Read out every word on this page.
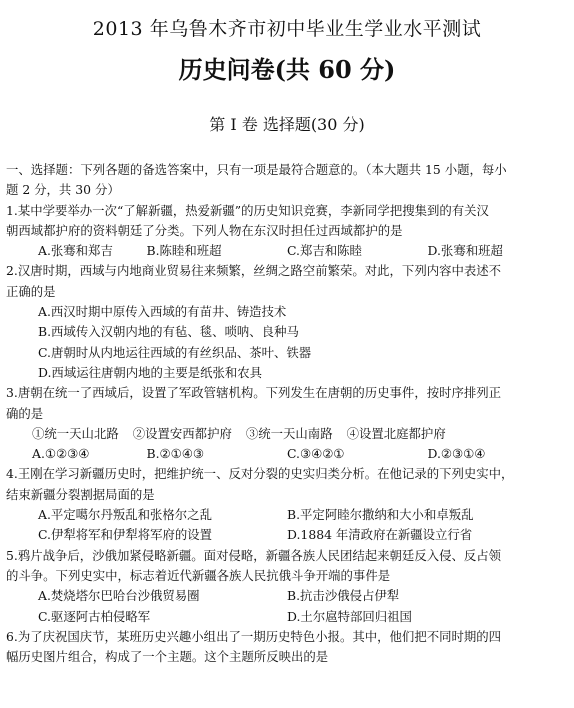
2013 年乌鲁木齐市初中毕业生学业水平测试
历史问卷(共 60 分)
第 I 卷 选择题(30 分)
一、选择题：下列各题的备选答案中，只有一项是最符合题意的。（本大题共 15 小题，每小
题 2 分，共 30 分）
1.某中学要举办一次“了解新疆，热爱新疆”的历史知识竞赛，李新同学把搜集到的有关汉
朝西域都护府的资料朝廷了分类。下列人物在东汉时担任过西域都护的是
A.张骞和郑吉	B.陈睦和班超	C.郑吉和陈睦	D.张骞和班超
2.汉唐时期，西域与内地商业贸易往来频繁，丝绸之路空前繁荣。对此，下列内容中表述不
正确的是
A.西汉时期中原传入西域的有苗井、铸造技术
B.西域传入汉朝内地的有毡、毯、唢呐、良种马
C.唐朝时从内地运往西域的有丝织品、茶叶、铁器
D.西域运往唐朝内地的主要是纸张和农具
3.唐朝在统一了西域后，设置了军政管辖机构。下列发生在唐朝的历史事件，按时序排列正
确的是
①统一天山北路 ②设置安西都护府 ③统一天山南路 ④设置北庭都护府
A.①②③④	B.②①④③	C.③④②①	D.②③①④
4.王刚在学习新疆历史时，把维护统一、反对分裂的史实归类分析。在他记录的下列史实中，
结束新疆分裂割据局面的是
A.平定噶尔丹叛乱和张格尔之乱	B.平定阿睦尔撒纳和大小和卓叛乱
C.伊犁将军和伊犁将军府的设置	D.1884 年清政府在新疆设立行省
5.鸦片战争后，沙俄加紧侵略新疆。面对侵略，新疆各族人民团结起来朝廷反入侵、反占领
的斗争。下列史实中，标志着近代新疆各族人民抗俄斗争开端的事件是
A.焚烧塔尔巴哈台沙俄贸易圈	B.抗击沙俄侵占伊犁
C.驱逐阿古柏侵略军	D.土尔扈特部回归祖国
6.为了庆祝国庆节，某班历史兴趣小组出了一期历史特色小报。其中，他们把不同时期的四
幅历史图片组合，构成了一个主题。这个主题所反映出的是
